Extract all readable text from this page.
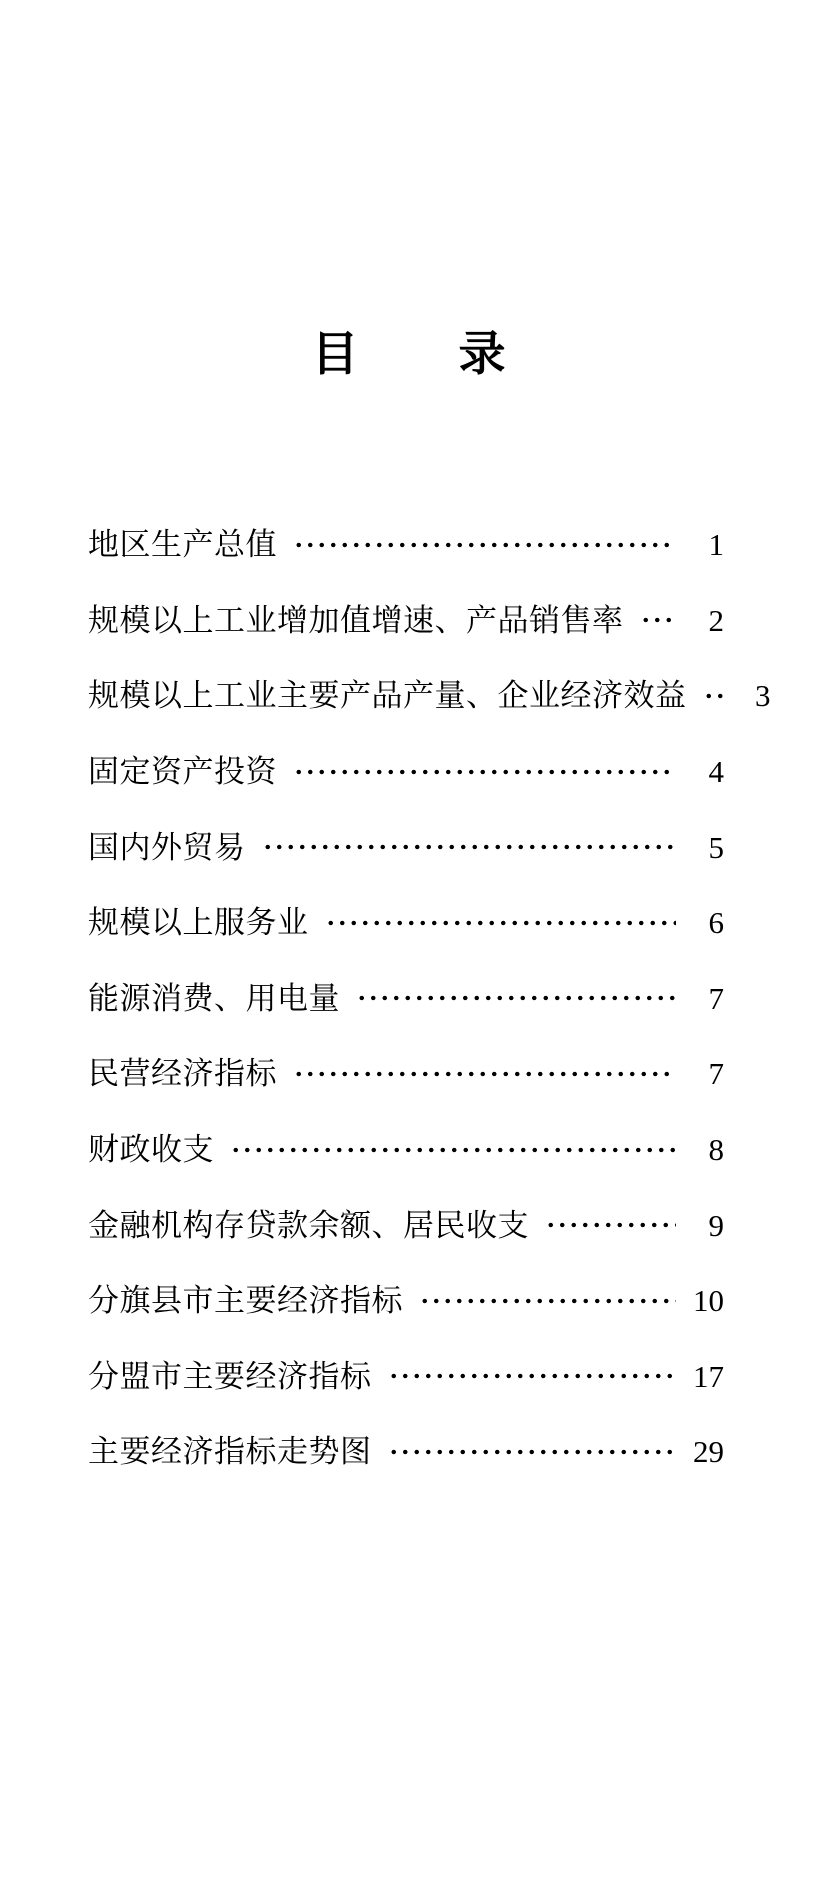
目　　录
地区生产总值	1
规模以上工业增加值增速、产品销售率	2
规模以上工业主要产品产量、企业经济效益	3
固定资产投资	4
国内外贸易	5
规模以上服务业	6
能源消费、用电量	7
民营经济指标	7
财政收支	8
金融机构存贷款余额、居民收支	9
分旗县市主要经济指标	10
分盟市主要经济指标	17
主要经济指标走势图	29
